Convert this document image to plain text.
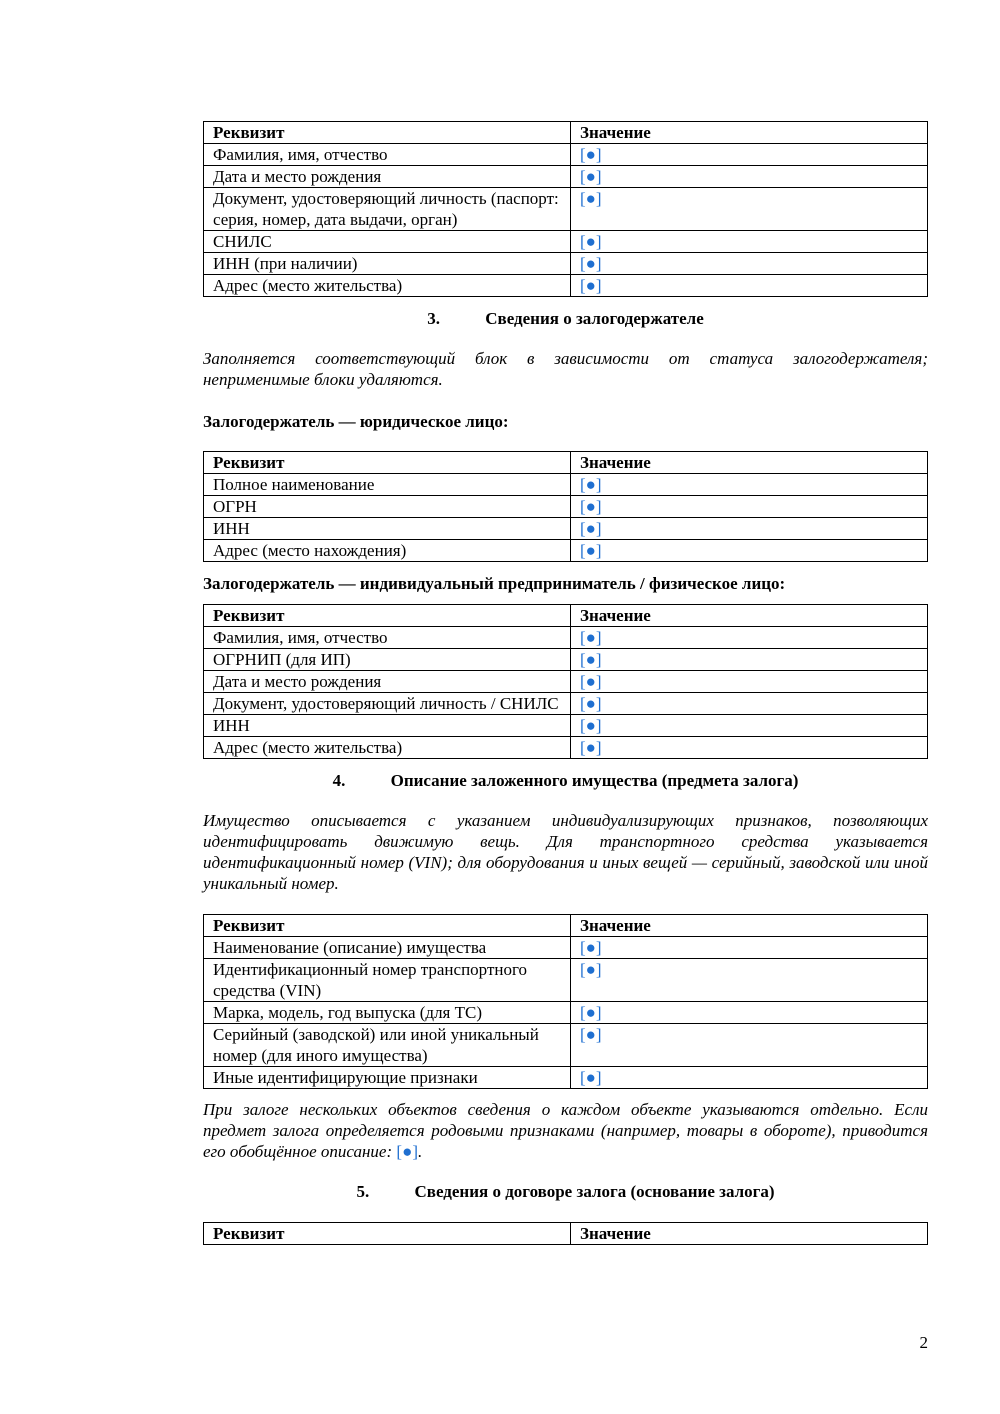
Реквизит	Значение
Фамилия, имя, отчество	[●]
Дата и место рождения	[●]
Документ, удостоверяющий личность (паспорт: серия, номер, дата выдачи, орган)	[●]
СНИЛС	[●]
ИНН (при наличии)	[●]
Адрес (место жительства)	[●]

3.	Сведения о залогодержателе

Заполняется соответствующий блок в зависимости от статуса залогодержателя; неприменимые блоки удаляются.

Залогодержатель — юридическое лицо:

Реквизит	Значение
Полное наименование	[●]
ОГРН	[●]
ИНН	[●]
Адрес (место нахождения)	[●]

Залогодержатель — индивидуальный предприниматель / физическое лицо:

Реквизит	Значение
Фамилия, имя, отчество	[●]
ОГРНИП (для ИП)	[●]
Дата и место рождения	[●]
Документ, удостоверяющий личность / СНИЛС	[●]
ИНН	[●]
Адрес (место жительства)	[●]

4.	Описание заложенного имущества (предмета залога)

Имущество описывается с указанием индивидуализирующих признаков, позволяющих идентифицировать движимую вещь. Для транспортного средства указывается идентификационный номер (VIN); для оборудования и иных вещей — серийный, заводской или иной уникальный номер.

Реквизит	Значение
Наименование (описание) имущества	[●]
Идентификационный номер транспортного средства (VIN)	[●]
Марка, модель, год выпуска (для ТС)	[●]
Серийный (заводской) или иной уникальный номер (для иного имущества)	[●]
Иные идентифицирующие признаки	[●]

При залоге нескольких объектов сведения о каждом объекте указываются отдельно. Если предмет залога определяется родовыми признаками (например, товары в обороте), приводится его обобщённое описание: [●].

5.	Сведения о договоре залога (основание залога)

Реквизит	Значение
2
